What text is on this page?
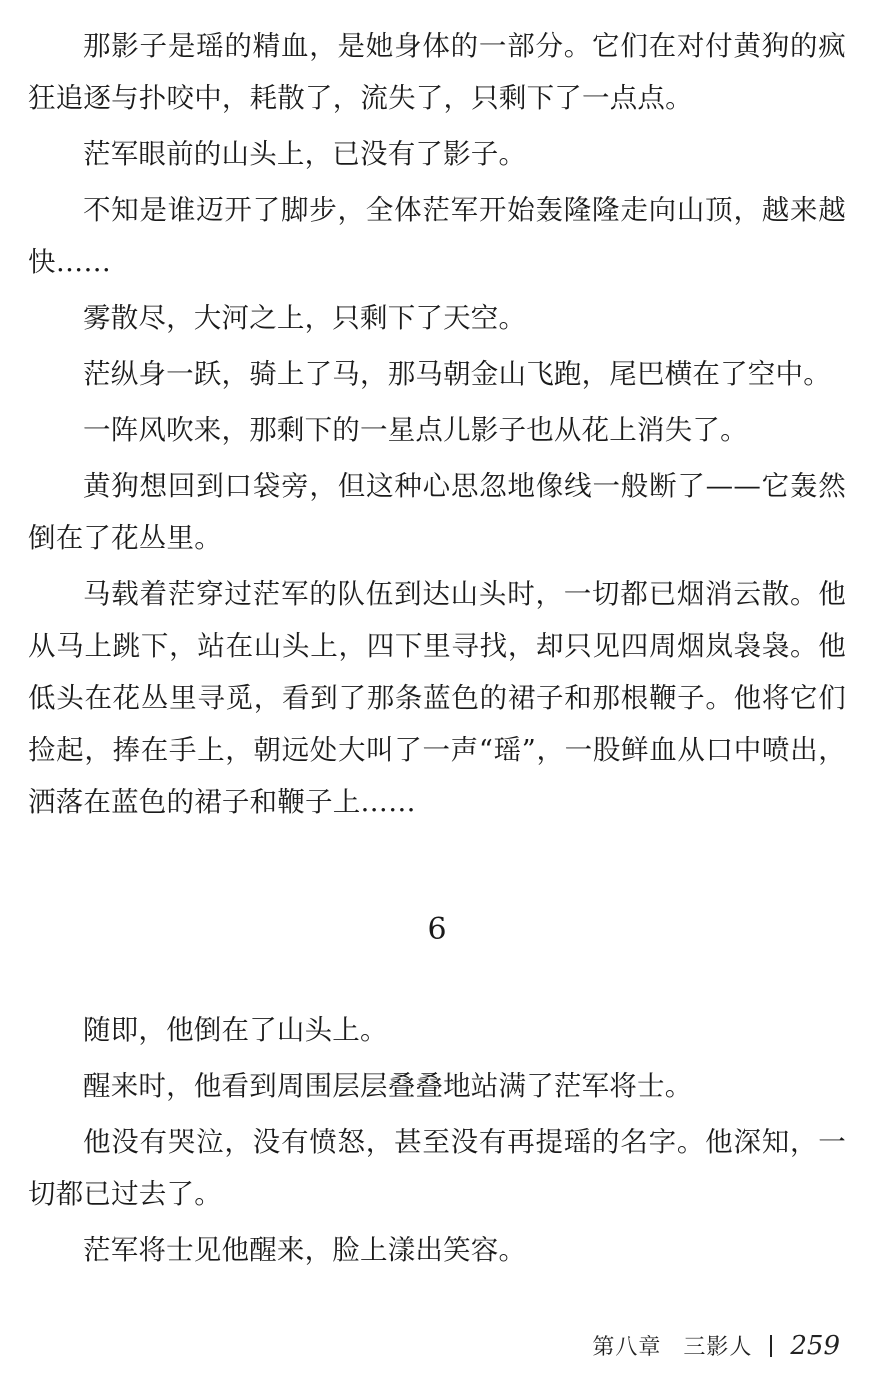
那影子是瑶的精血，是她身体的一部分。它们在对付黄狗的疯狂追逐与扑咬中，耗散了，流失了，只剩下了一点点。

茫军眼前的山头上，已没有了影子。

不知是谁迈开了脚步，全体茫军开始轰隆隆走向山顶，越来越快……

雾散尽，大河之上，只剩下了天空。

茫纵身一跃，骑上了马，那马朝金山飞跑，尾巴横在了空中。

一阵风吹来，那剩下的一星点儿影子也从花上消失了。

黄狗想回到口袋旁，但这种心思忽地像线一般断了——它轰然倒在了花丛里。

马载着茫穿过茫军的队伍到达山头时，一切都已烟消云散。他从马上跳下，站在山头上，四下里寻找，却只见四周烟岚袅袅。他低头在花丛里寻觅，看到了那条蓝色的裙子和那根鞭子。他将它们捡起，捧在手上，朝远处大叫了一声“瑶”，一股鲜血从口中喷出，洒落在蓝色的裙子和鞭子上……

6

随即，他倒在了山头上。

醒来时，他看到周围层层叠叠地站满了茫军将士。

他没有哭泣，没有愤怒，甚至没有再提瑶的名字。他深知，一切都已过去了。

茫军将士见他醒来，脸上漾出笑容。

第八章 三影人 259
